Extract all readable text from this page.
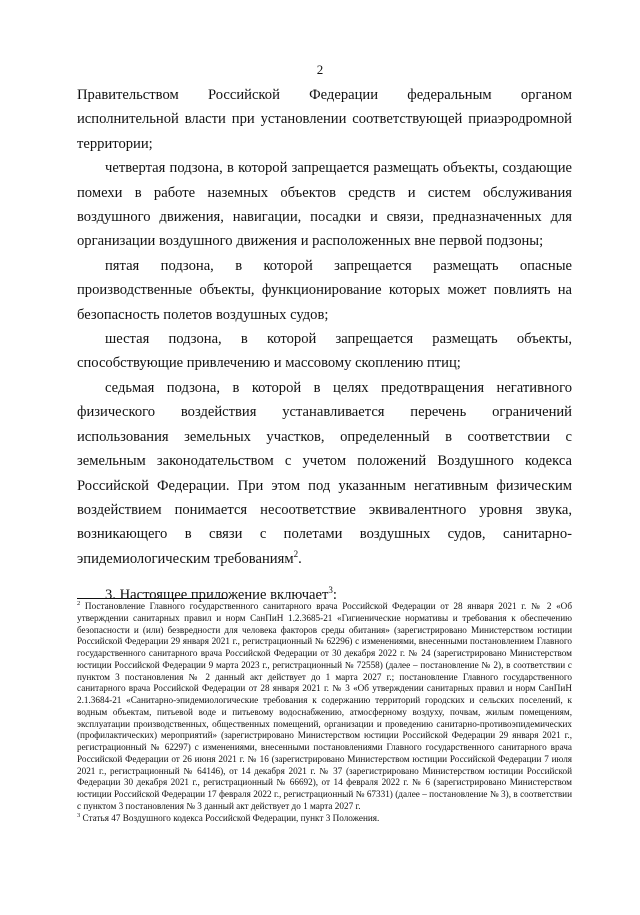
2

Правительством Российской Федерации федеральным органом исполнительной власти при установлении соответствующей приаэродромной территории;

четвертая подзона, в которой запрещается размещать объекты, создающие помехи в работе наземных объектов средств и систем обслуживания воздушного движения, навигации, посадки и связи, предназначенных для организации воздушного движения и расположенных вне первой подзоны;

пятая подзона, в которой запрещается размещать опасные производственные объекты, функционирование которых может повлиять на безопасность полетов воздушных судов;

шестая подзона, в которой запрещается размещать объекты, способствующие привлечению и массовому скоплению птиц;

седьмая подзона, в которой в целях предотвращения негативного физического воздействия устанавливается перечень ограничений использования земельных участков, определенный в соответствии с земельным законодательством с учетом положений Воздушного кодекса Российской Федерации. При этом под указанным негативным физическим воздействием понимается несоответствие эквивалентного уровня звука, возникающего в связи с полетами воздушных судов, санитарно-эпидемиологическим требованиям$^2$.

3. Настоящее приложение включает$^3$:

$^2$ Постановление Главного государственного санитарного врача Российской Федерации от 28 января 2021 г. № 2 «Об утверждении санитарных правил и норм СанПиН 1.2.3685-21 «Гигиенические нормативы и требования к обеспечению безопасности и (или) безвредности для человека факторов среды обитания» (зарегистрировано Министерством юстиции Российской Федерации 29 января 2021 г., регистрационный № 62296) с изменениями, внесенными постановлением Главного государственного санитарного врача Российской Федерации от 30 декабря 2022 г. № 24 (зарегистрировано Министерством юстиции Российской Федерации 9 марта 2023 г., регистрационный № 72558) (далее – постановление № 2), в соответствии с пунктом 3 постановления № 2 данный акт действует до 1 марта 2027 г.; постановление Главного государственного санитарного врача Российской Федерации от 28 января 2021 г. № 3 «Об утверждении санитарных правил и норм СанПиН 2.1.3684-21 «Санитарно-эпидемиологические требования к содержанию территорий городских и сельских поселений, к водным объектам, питьевой воде и питьевому водоснабжению, атмосферному воздуху, почвам, жилым помещениям, эксплуатации производственных, общественных помещений, организации и проведению санитарно-противоэпидемических (профилактических) мероприятий» (зарегистрировано Министерством юстиции Российской Федерации 29 января 2021 г., регистрационный № 62297) с изменениями, внесенными постановлениями Главного государственного санитарного врача Российской Федерации от 26 июня 2021 г. № 16 (зарегистрировано Министерством юстиции Российской Федерации 7 июля 2021 г., регистрационный № 64146), от 14 декабря 2021 г. № 37 (зарегистрировано Министерством юстиции Российской Федерации 30 декабря 2021 г., регистрационный № 66692), от 14 февраля 2022 г. № 6 (зарегистрировано Министерством юстиции Российской Федерации 17 февраля 2022 г., регистрационный № 67331) (далее – постановление № 3), в соответствии с пунктом 3 постановления № 3 данный акт действует до 1 марта 2027 г.

$^3$ Статья 47 Воздушного кодекса Российской Федерации, пункт 3 Положения.
